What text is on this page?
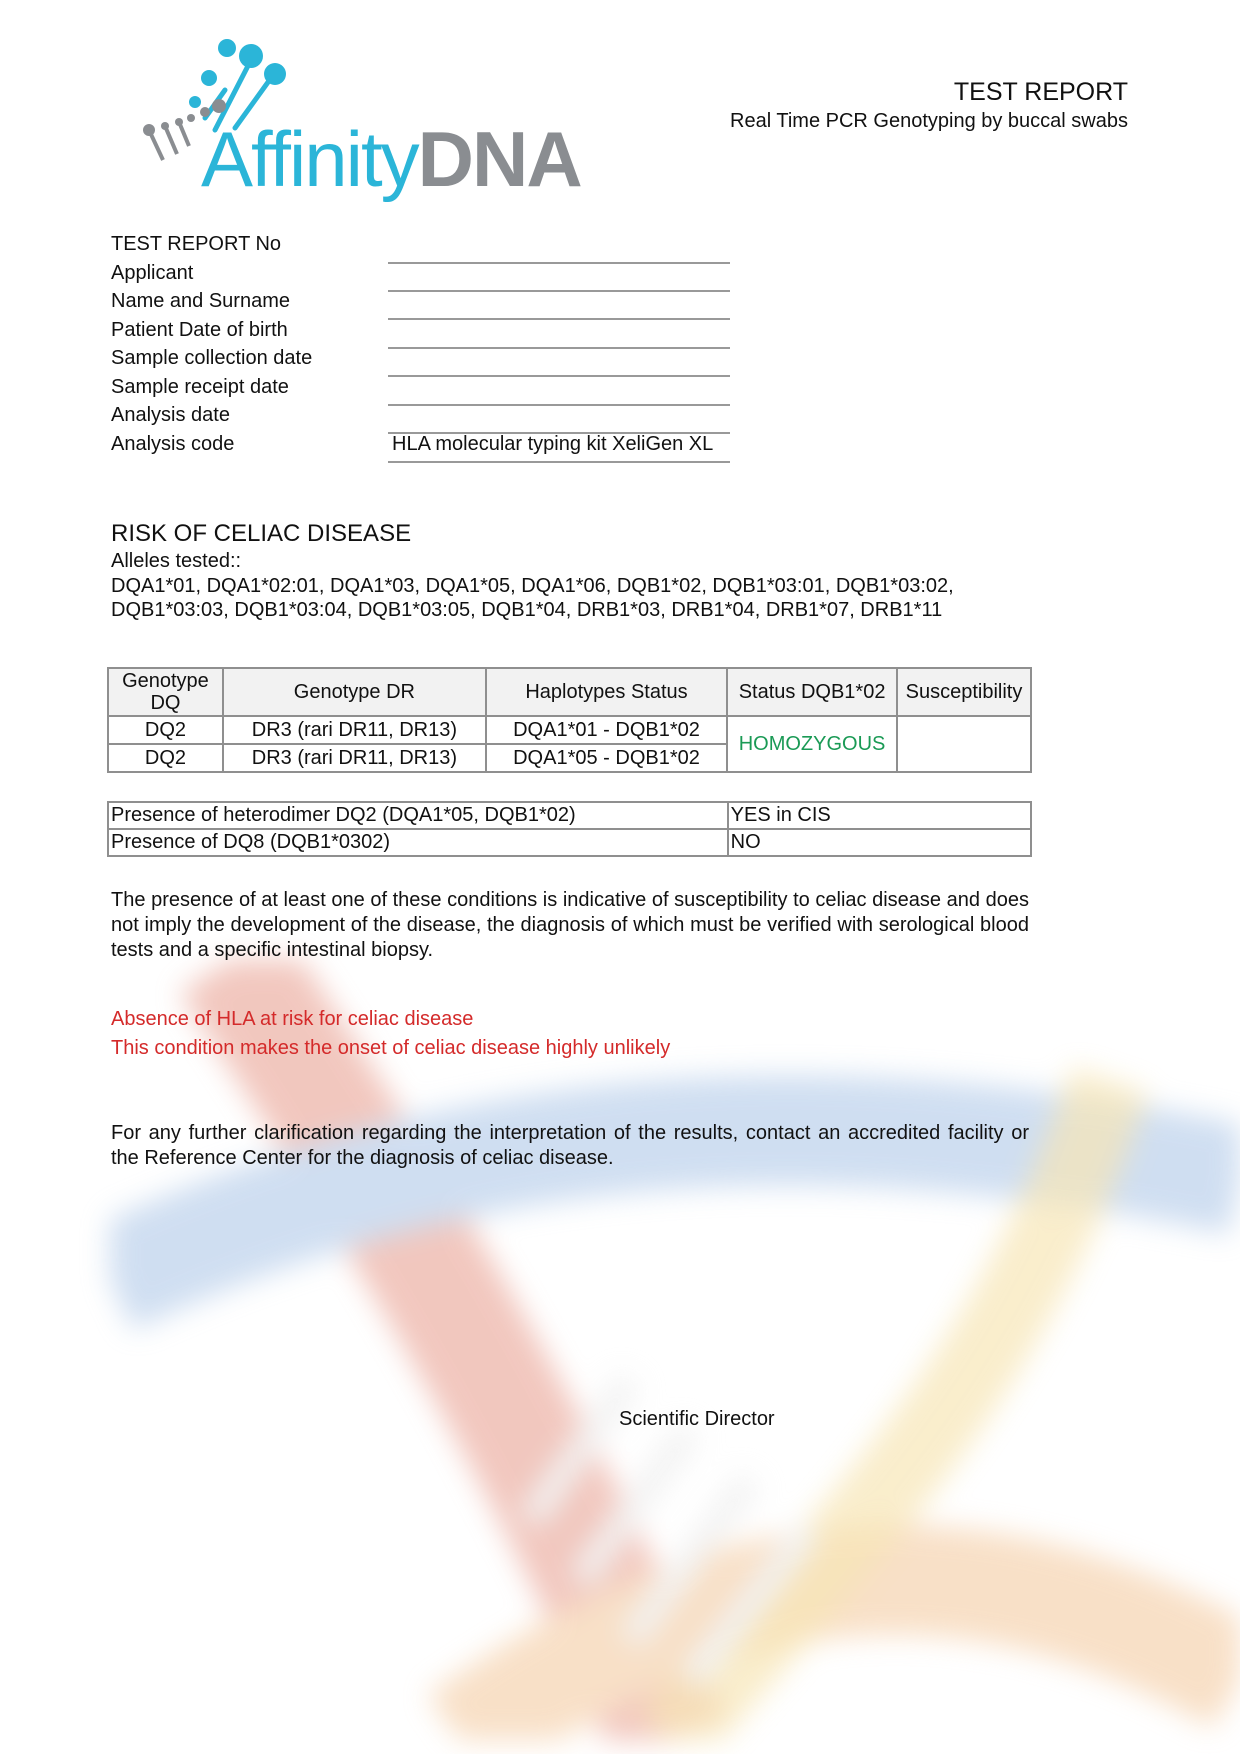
AffinityDNA
TEST REPORT
Real Time PCR Genotyping by buccal swabs
TEST REPORT No
Applicant
Name and Surname
Patient Date of birth
Sample collection date
Sample receipt date
Analysis date
Analysis code	HLA molecular typing kit XeliGen XL
RISK OF CELIAC DISEASE
Alleles tested::
DQA1*01, DQA1*02:01, DQA1*03, DQA1*05, DQA1*06, DQB1*02, DQB1*03:01, DQB1*03:02, DQB1*03:03, DQB1*03:04, DQB1*03:05, DQB1*04, DRB1*03, DRB1*04, DRB1*07, DRB1*11
Genotype DQ	Genotype DR	Haplotypes Status	Status DQB1*02	Susceptibility
DQ2	DR3 (rari DR11, DR13)	DQA1*01 - DQB1*02	HOMOZYGOUS	
DQ2	DR3 (rari DR11, DR13)	DQA1*05 - DQB1*02		
Presence of heterodimer DQ2 (DQA1*05, DQB1*02)	YES in CIS
Presence of DQ8 (DQB1*0302)	NO
The presence of at least one of these conditions is indicative of susceptibility to celiac disease and does not imply the development of the disease, the diagnosis of which must be verified with serological blood tests and a specific intestinal biopsy.
Absence of HLA at risk for celiac disease
This condition makes the onset of celiac disease highly unlikely
For any further clarification regarding the interpretation of the results, contact an accredited facility or the Reference Center for the diagnosis of celiac disease.
Scientific Director
